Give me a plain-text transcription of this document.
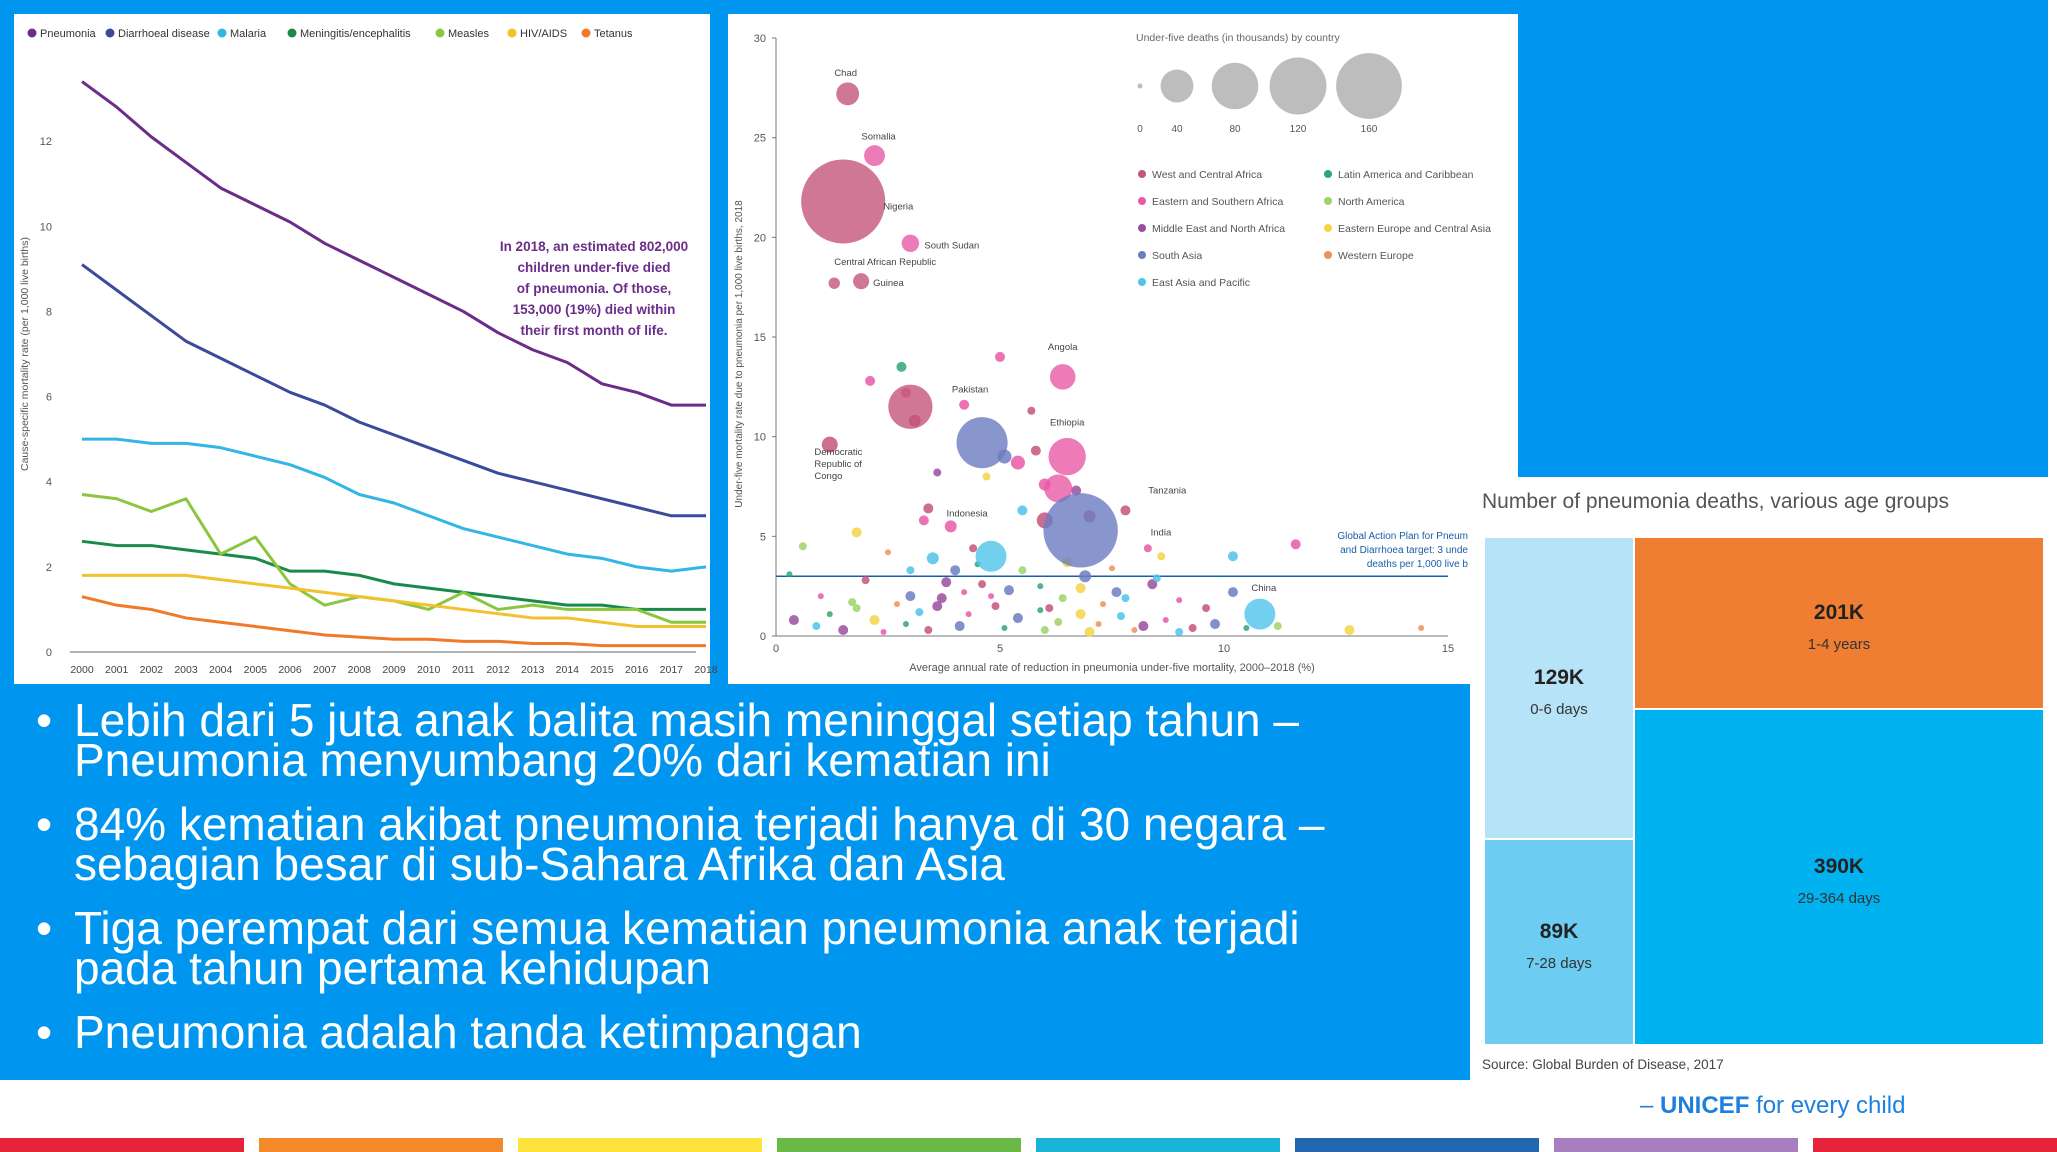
Pneumonia Diarrhoeal disease Malaria	Meningitis/encephalitis	Measles	HIV/AIDS Tetanus
0
2
4
6
8
10
12
2000 2001 2002 2003 2004 2005 2006 2007 2008 2009 2010 2011 2012 2013 2014 2015 2016 2017 2018
Cause-specific mortality rate (per 1,000 live births)	In 2018, an estimated 802,000
children under-five died
of pneumonia. Of those,
153,000 (19%) died within
their first month of life.
0
5
10
15
20
25
30
0	5	10	15
Average annual rate of reduction in pneumonia under-five mortality, 2000–2018 (%)
Under-five mortality rate due to pneumonia per 1,000 live births, 2018
Global Action Plan for Pneum
and Diarrhoea target: 3 unde
deaths per 1,000 live b
Chad
Somalia
Nigeria
South Sudan
Guinea
Central African Republic
Democratic
Republic of
Congo
Pakistan
Angola
Ethiopia
Indonesia
Tanzania
India
China
Under-five deaths (in thousands) by country
0	40	80	120	160
West and Central Africa
Eastern and Southern Africa
Middle East and North Africa
South Asia
East Asia and Pacific
Latin America and Caribbean
North America
Eastern Europe and Central Asia
Western Europe
Number of pneumonia deaths, various age groups
129K
0-6 days
89K
7-28 days
201K
1-4 years
390K
29-364 days
Source: Global Burden of Disease, 2017
• Lebih dari 5 juta anak balita masih meninggal setiap tahun –
Pneumonia menyumbang 20% dari kematian ini
• 84% kematian akibat pneumonia terjadi hanya di 30 negara –
sebagian besar di sub-Sahara Afrika dan Asia
• Tiga perempat dari semua kematian pneumonia anak terjadi
pada tahun pertama kehidupan
• Pneumonia adalah tanda ketimpangan
– UNICEF for every child
